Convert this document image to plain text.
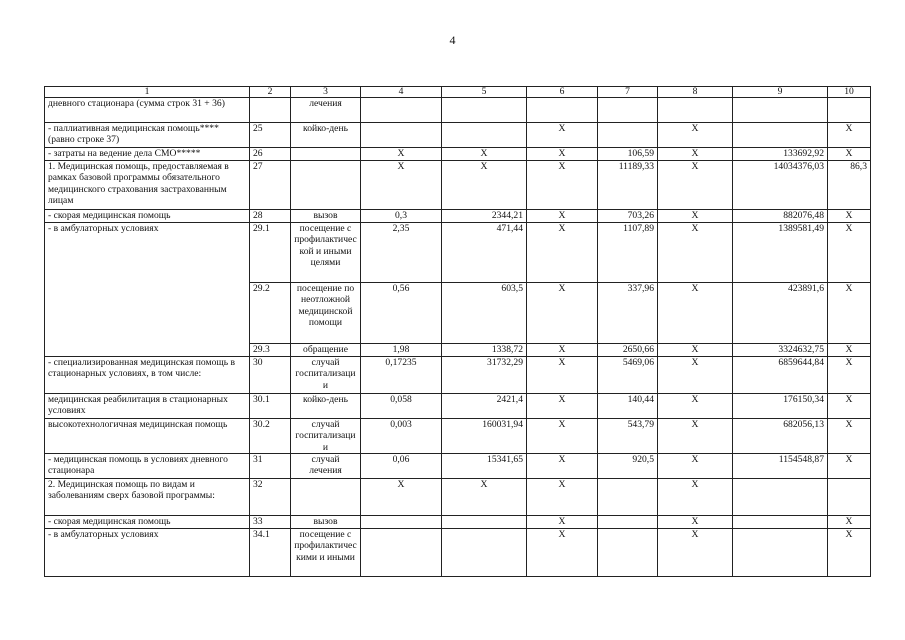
4
1	2	3	4	5	6	7	8	9	10
дневного стационара (сумма строк 31 + 36)		лечения							
- паллиативная медицинская помощь**** (равно строке 37)	25	койко-день			X		X		X
- затраты на ведение дела СМО*****	26		X	X	X	106,59	X	133692,92	X
1. Медицинская помощь, предоставляемая в рамках базовой программы обязательного медицинского страхования застрахованным лицам	27		X	X	X	11189,33	X	14034376,03	86,3
- скорая медицинская помощь	28	вызов	0,3	2344,21	X	703,26	X	882076,48	X
- в амбулаторных условиях	29.1	посещение с профилактической и иными целями	2,35	471,44	X	1107,89	X	1389581,49	X
	29.2	посещение по неотложной медицинской помощи	0,56	603,5	X	337,96	X	423891,6	X
	29.3	обращение	1,98	1338,72	X	2650,66	X	3324632,75	X
- специализированная медицинская помощь в стационарных условиях, в том числе:	30	случай госпитализации	0,17235	31732,29	X	5469,06	X	6859644,84	X
медицинская реабилитация в стационарных условиях	30.1	койко-день	0,058	2421,4	X	140,44	X	176150,34	X
высокотехнологичная медицинская помощь	30.2	случай госпитализации	0,003	160031,94	X	543,79	X	682056,13	X
- медицинская помощь в условиях дневного стационара	31	случай лечения	0,06	15341,65	X	920,5	X	1154548,87	X
2. Медицинская помощь по видам и заболеваниям сверх базовой программы:	32		X	X	X		X		
- скорая медицинская помощь	33	вызов			X		X		X
- в амбулаторных условиях	34.1	посещение с профилактическими и иными			X		X		X
